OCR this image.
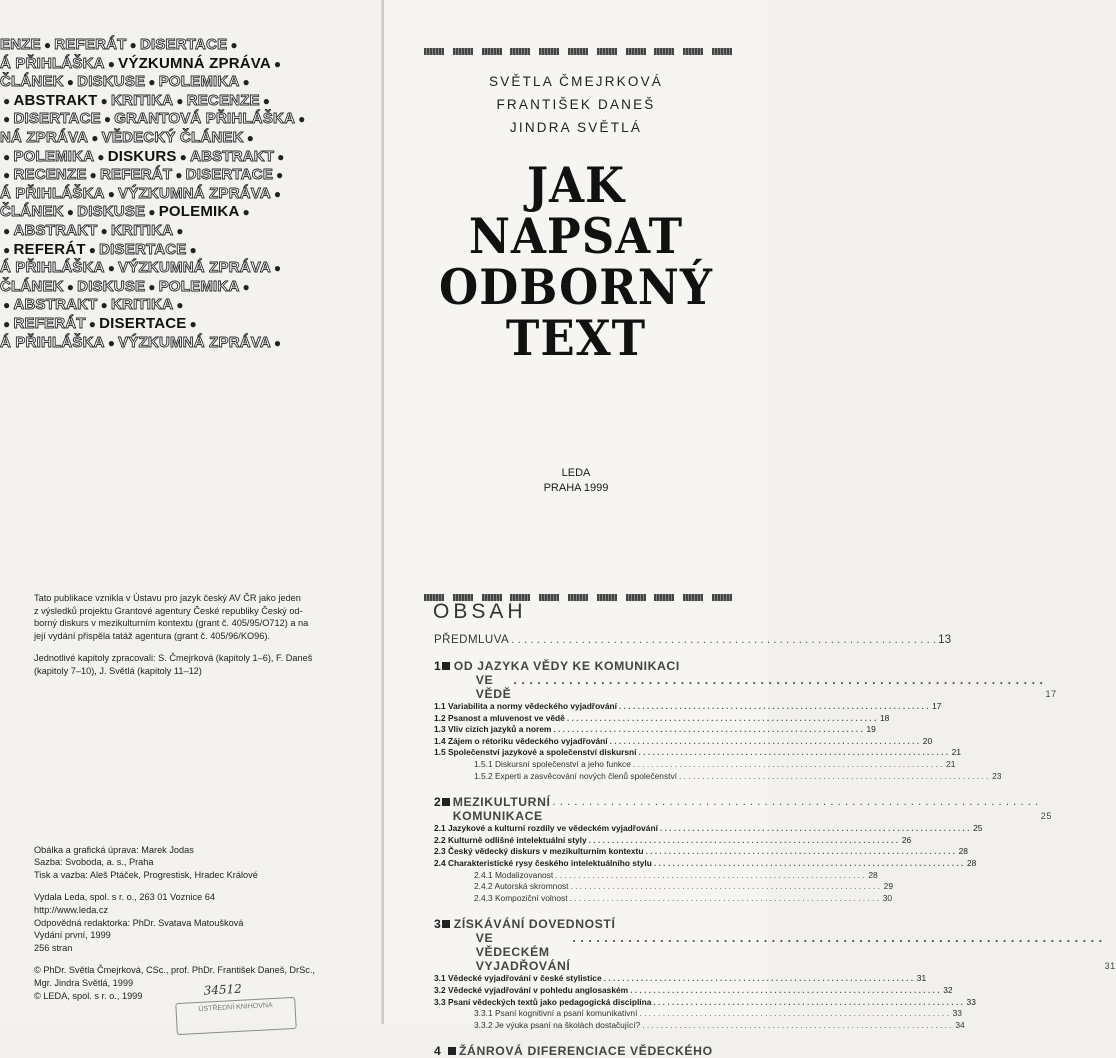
ENZE ● REFERÁT ● DISERTACE ●
Á PŘIHLÁŠKA ● VÝZKUMNÁ ZPRÁVA ●
ČLÁNEK ● DISKUSE ● POLEMIKA ●
● ABSTRAKT ● KRITIKA ● RECENZE ●
● DISERTACE ● GRANTOVÁ PŘIHLÁŠKA ●
NÁ ZPRÁVA ● VĚDECKÝ ČLÁNEK ●
● POLEMIKA ● DISKURS ● ABSTRAKT ●
● RECENZE ● REFERÁT ● DISERTACE ●
Á PŘIHLÁŠKA ● VÝZKUMNÁ ZPRÁVA ●
ČLÁNEK ● DISKUSE ● POLEMIKA ●
● ABSTRAKT ● KRITIKA ●
● REFERÁT ● DISERTACE ●
Á PŘIHLÁŠKA ● VÝZKUMNÁ ZPRÁVA ●
ČLÁNEK ● DISKUSE ● POLEMIKA ●
● ABSTRAKT ● KRITIKA ●
● REFERÁT ● DISERTACE ●
Á PŘIHLÁŠKA ● VÝZKUMNÁ ZPRÁVA ●

Tato publikace vznikla v Ústavu pro jazyk český AV ČR jako jeden
z výsledků projektu Grantové agentury České republiky Český od-
borný diskurs v mezikulturním kontextu (grant č. 405/95/O712) a na
její vydání přispěla tatáž agentura (grant č. 405/96/KO96).

Jednotlivé kapitoly zpracovali: S. Čmejrková (kapitoly 1–6), F. Daneš
(kapitoly 7–10), J. Světlá (kapitoly 11–12)

Obálka a grafická úprava: Marek Jodas
Sazba: Svoboda, a. s., Praha
Tisk a vazba: Aleš Ptáček, Progrestisk, Hradec Králové

Vydala Leda, spol. s r. o., 263 01 Voznice 64
http://www.leda.cz
Odpovědná redaktorka: PhDr. Svatava Matoušková
Vydání první, 1999
256 stran

© PhDr. Světla Čmejrková, CSc., prof. PhDr. František Daneš, DrSc.,
Mgr. Jindra Světlá, 1999
© LEDA, spol. s r. o., 1999	34512
ÚSTŘEDNÍ KNIHOVNA
SVĚTLA ČMEJRKOVÁ
FRANTIŠEK DANEŠ
JINDRA SVĚTLÁ
JAK
NAPSAT
ODBORNÝ
TEXT
LEDA
PRAHA 1999
OBSAH
PŘEDMLUVA . . .	13
1 OD JAZYKA VĚDY KE KOMUNIKACI
VE VĚDĚ . . .	17
1.1 Variabilita a normy vědeckého vyjadřování . . .	17
1.2 Psanost a mluvenost ve vědě . . .	18
1.3 Vliv cizích jazyků a norem . . .	19
1.4 Zájem o rétoriku vědeckého vyjadřování . . .	20
1.5 Společenství jazykové a společenství diskursní . . .	21
1.5.1 Diskursní společenství a jeho funkce . . .	21
1.5.2 Experti a zasvěcování nových členů společenství . . .	23
2 MEZIKULTURNÍ KOMUNIKACE . . .	25
2.1 Jazykové a kulturní rozdíly ve vědeckém vyjadřování . . .	25
2.2 Kulturně odlišné intelektuální styly . . .	26
2.3 Český vědecký diskurs v mezikulturním kontextu . . .	28
2.4 Charakteristické rysy českého intelektuálního stylu . . .	28
2.4.1 Modalizovanost . . .	28
2.4.2 Autorská skromnost . . .	29
2.4.3 Kompoziční volnost . . .	30
3 ZÍSKÁVÁNÍ DOVEDNOSTÍ
VE VĚDECKÉM VYJADŘOVÁNÍ . . .	31
3.1 Vědecké vyjadřování v české stylistice . . .	31
3.2 Vědecké vyjadřování v pohledu anglosaském . . .	32
3.3 Psaní vědeckých textů jako pedagogická disciplína . . .	33
3.3.1 Psaní kognitivní a psaní komunikativní . . .	33
3.3.2 Je výuka psaní na školách dostačující? . . .	34
4	ŽÁNROVÁ DIFERENCIACE VĚDECKÉHO
